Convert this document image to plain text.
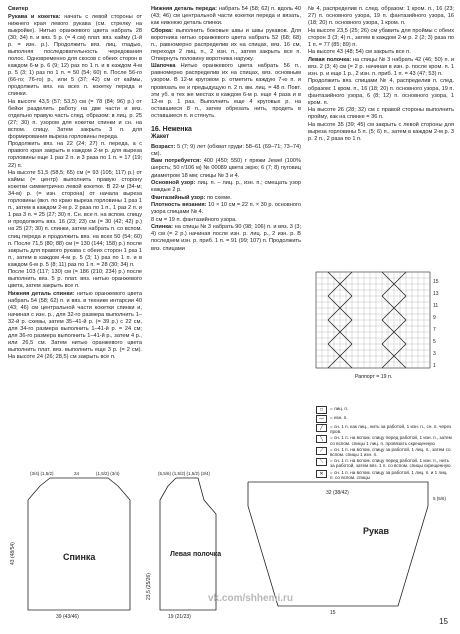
Свитер

Рукава и кокетка: начать с левой стороны от нижнего края левого рукава (см. стрелку на выкройке). Нитью оранжевого цвета набрать 28 (30; 34) п. и вяз. 5 р. (= 4 см) плат. вяз. кайму (1-й р. = изн. р.). Продолжить вяз. лиц. гладью, выполняя последовательность чередования полос. Одновременно для скосов с обеих сторон в каждом 6-м р. 6 (9; 12) раз по 1 п. и в каждом 4-м р. 5 (3; 1) раз по 1 п. = 50 (54; 60) п. После 56-го (66-го; 76-го) р., или 5 (37; 42) см от каймы, продолжить вяз. на всех п. кокетку переда и спинки.

На высоте 43,5 (57; 53,5) см (= 78 (84; 96) р.) от бейки разделить работу на две части и вяз. отдельно правую часть след. образом: в лиц. р. 25 (27; 30) п. узором для кокетки спинки и сн. на вспом. спицу. Затем закрыть 3 п. для формирования выреза горловины переда.

Продолжить вяз. на 22 (24; 27) п. переда, а с правого края закрыть в каждом 2-м р. для выреза горловины еще 1 раз 2 п. и 3 раза по 1 п. = 17 (19; 22) п.

На высоте 51,5 (58,5; 65) см (= 93 (105; 117) р.) от каймы (= центр) выполнить правую сторону кокетки симметрично левой кокетке. В 22-м (34-м; 34-м) р. (= изн. сторона) от начала выреза горловины (вкл. по краю выреза горловины 1 раз 1 п., затем в каждом 2-м р. 2 раза по 1 п., 1 раз 2 п. и 1 раз 3 п. = 25 (27; 30) п. Сн. все п. на вспом. спицу и продолжить вяз. 16 (23; 23) см (= 30 (42; 42) р.) на 25 (27; 30) п. спинки, затем набрать п. со вспом. спиц переда и продолжить вяз. на всех 50 (54; 60) п. После 71,5 (80; 88) см (= 130 (144; 158) р.) после закрыть для правого рукава с обеих сторон 1 раз 1 п., затем в каждом 4-м р. 5 (3; 1) раз по 1 п. и в каждом 6-м р. 5 (8; 11) раз по 1 п. = 28 (30; 34) п.

После 103 (117; 130) см (= 186 (210; 234) р.) после выполнить вяз. 5 р. плат. вяз. нитью оранжевого цвета, затем закрыть все п.

Нижняя деталь спинки: нитью оранжевого цвета набрать 54 (58; 62) п. и вяз. в технике интарсии 40 (43; 46) см центральной части кокетки спинки и, начиная с изн. р., для 32-го размера выполнить 1–32-й р. схемы, затем 35–41-й р. (= 39 р.) с 22 см, для 34-го размера выполнить 1–41-й р. = 24 см; для 36-го размера выполнить 1–41-й р., затем 4 р., или 26,5 см. Затем нитью оранжевого цвета выполнить плат. вяз. выполнить еще 3 р. (= 2 см). На высоте 24 (26; 28,5) см закрыть все п.

Нижняя деталь переда: набрать 54 (58; 62) п. вдоль 40 (43; 46) см центральной части кокетки переда и вязать, как нижнюю деталь спинки.

Сборка: выполнить боковые швы и швы рукавов. Для воротника нитью оранжевого цвета набрать 52 (68; 68) п., равномерно распределив их на спицах, вяз. 16 см, переходя 2 лиц. п., 2 изн. п., затем закрыть все п. Отвернуть половину воротника наружу.

Шапочка Нитью оранжевого цвета набрать 56 п., равномерно распределив их на спицах, вяз. основным узором. В 12-м круговом р. отметить каждую 7-ю п. и провязать ее и предыдущую п. 2 п. вм. лиц. = 48 п. Повт. эти уб. в тех же местах в каждом 6-м р. еще 4 раза и в 12-м р. 1 раз. Выполнить еще 4 круговых р. на оставшиеся 8 п., затем обрезать нить, продеть в оставшиеся п. и стянуть.

16. Неженка
Жакет

Возраст: 5 (7; 9) лет (обхват груди: 58–61 (69–71; 73–74) см).

Вам потребуется: 400 (450; 550) г пряжи Jewel (100% шерсть; 50 г/106 м) № 00089 цвета экрю; 6 (7; 8) пуговиц диаметром 18 мм; спицы № 3 и 4.

Основной узор: лиц. п. – лиц. р., изн. п.; смещать узор каждые 2 р.

Фантазийный узор: по схеме.

Плотность вязания: 10 × 10 см = 22 п. × 30 р. основного узора спицами № 4.

8 см = 19 п. фантазийного узора.

Спинка: на спицы № 3 набрать 90 (98; 106) п. и вяз. 3 (3; 4) см (= 2 р.) начиная после изн. р. лиц. р., 2 изн. р. В последнем изн. р. приб. 1 п. = 91 (99; 107) п. Продолжить вяз. спицами

№ 4, распределив п. след. образом: 1 кром. п., 16 (23; 27) п. основного узора, 19 п. фантазийного узора, 16 (18; 20) п. основного узора, 1 кром. п.

На высоте 23,5 (25; 26) см убавить для проймы с обеих сторон 3 (3; 4) п., затем в каждом 2-м р. 2 (2; 3) раза по 1 п. = 77 (85; 89) п.

На высоте 43 (48; 54) см закрыть все п.

Левая полочка: на спицы № 3 набрать 42 (46; 50) п. и вяз. 2 (3; 4) см (= 2 р. начиная в изн. р. после кром. п. 1 изн. р. и еще 1 р., 2 изн. п. приб. 1 п. = 43 (47; 53) п.

Продолжить вяз. спицами № 4, распределив п. след. образом: 1 кром. п., 16 (18; 20) п. основного узора, 19 п. фантазийного узора, 6 (8; 12) п. основного узора, 1 кром. п.

На высоте 26 (28; 32) см с правой стороны выполнить пройму, как на спинке = 36 п.

На высоте 35 (39; 45) см закрыть с левой стороны для выреза горловины 5 п. (5; 6) п., затем в каждом 2-м р. 3 р. 2 п., 2 раза по 1 п.

15
13
11
9
7
5
3
1
Раппорт = 19 п.
□	= лиц. п.
—	= изн. п.
╱	= сн. 1 п. как лиц., нить за работой, 1 изн. п., сн. п. через пров.
╲	= сн. 1 п. на вспом. спицу перед работой, 1 изн. п., затем со вспом. спицы 1 лиц. п. провязать скрещенную
⟋	= сн. 1 п. на вспом. спицу за работой, 1 лиц. п., затем со вспом. спицы 1 изн. п.
⟍	= сн. 1 п. на вспом. спицу перед работой, 1 изн. п., нить за работой, затем вяз. 1 п. со вспом. спицы скрещенную
✕	= сн. 1 п. на вспом. спицу за работой, 1 лиц. п. и 1 лиц. п. со вспом. спицы
Спинка
43 (48/54)
39 (43/46)
(3/4) (1,5/2)	24	(1,5/2) (3/4)
Левая полочка
23,5 (25/26)
19 (21/23)
(5,5/6) (1,5/2) (1,5/2) (3/4)
Рукав
32 (38/42)
15
5 (5/6)
vk.com/shhemi.ru
15
